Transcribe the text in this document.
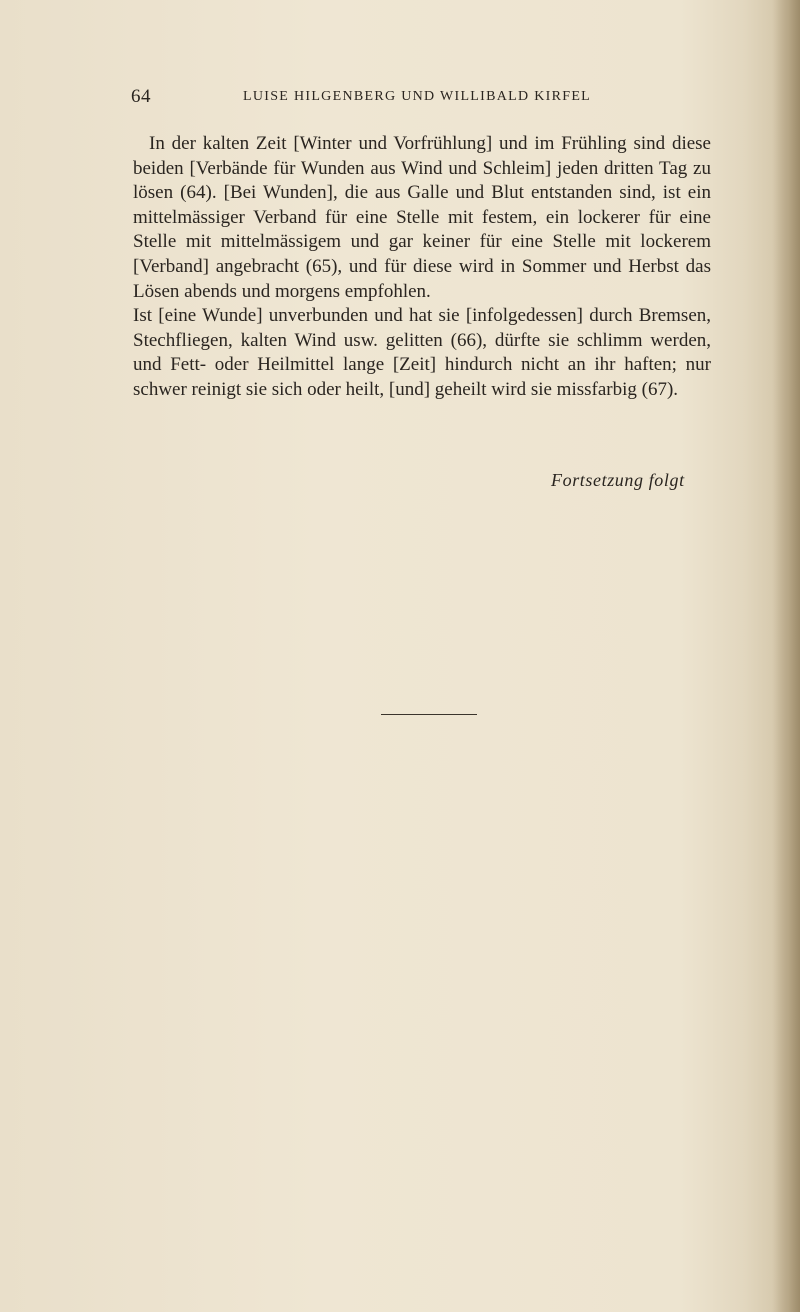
64	LUISE HILGENBERG UND WILLIBALD KIRFEL

In der kalten Zeit [Winter und Vorfrühlung] und im Frühling sind diese beiden [Verbände für Wunden aus Wind und Schleim] jeden dritten Tag zu lösen (64). [Bei Wunden], die aus Galle und Blut entstanden sind, ist ein mittelmässiger Verband für eine Stelle mit festem, ein lockerer für eine Stelle mit mittelmässigem und gar keiner für eine Stelle mit lockerem [Verband] angebracht (65), und für diese wird in Sommer und Herbst das Lösen abends und morgens empfohlen.

Ist [eine Wunde] unverbunden und hat sie [infolgedessen] durch Bremsen, Stechfliegen, kalten Wind usw. gelitten (66), dürfte sie schlimm werden, und Fett- oder Heilmittel lange [Zeit] hindurch nicht an ihr haften; nur schwer reinigt sie sich oder heilt, [und] geheilt wird sie missfarbig (67).

Fortsetzung folgt
